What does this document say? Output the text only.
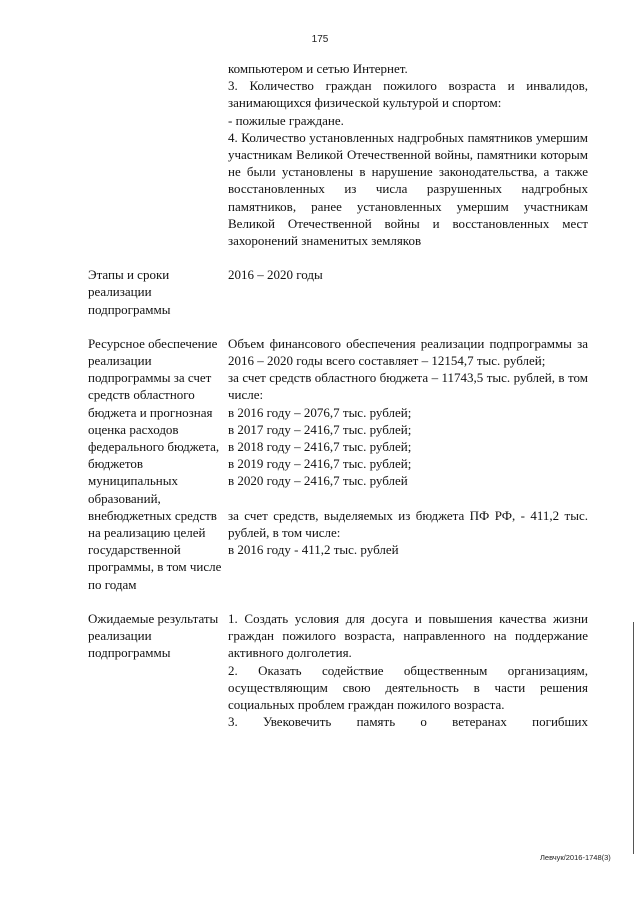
175

компьютером и сетью Интернет.

3. Количество граждан пожилого возраста и инвалидов, занимающихся физической культурой и спортом:

- пожилые граждане.

4. Количество установленных надгробных памятников умершим участникам Великой Отечественной войны, памятники которым не были установлены в нарушение законодательства, а также восстановленных из числа разрушенных надгробных памятников, ранее установленных умершим участникам Великой Отечественной войны и восстановленных мест захоронений знаменитых земляков

Этапы и сроки реализации подпрограммы

2016 – 2020 годы

Ресурсное обеспечение реализации подпрограммы за счет средств областного бюджета и прогнозная оценка расходов федерального бюджета, бюджетов муниципальных образований, внебюджетных средств на реализацию целей государственной программы, в том числе по годам

Объем финансового обеспечения реализации подпрограммы за 2016 – 2020 годы всего составляет – 12154,7 тыс. рублей;

за счет средств областного бюджета – 11743,5 тыс. рублей, в том числе:

в 2016 году – 2076,7 тыс. рублей;

в 2017 году – 2416,7 тыс. рублей;

в 2018 году – 2416,7 тыс. рублей;

в 2019 году – 2416,7 тыс. рублей;

в 2020 году – 2416,7 тыс. рублей

за счет средств, выделяемых из бюджета ПФ РФ, - 411,2 тыс. рублей, в том числе:

в 2016 году - 411,2 тыс. рублей

Ожидаемые результаты реализации подпрограммы

1. Создать условия для досуга и повышения качества жизни граждан пожилого возраста, направленного на поддержание активного долголетия.

2. Оказать содействие общественным организациям, осуществляющим свою деятельность в части решения социальных проблем граждан пожилого возраста.

3. Увековечить память о ветеранах погибших

Левчук/2016-1748(3)
